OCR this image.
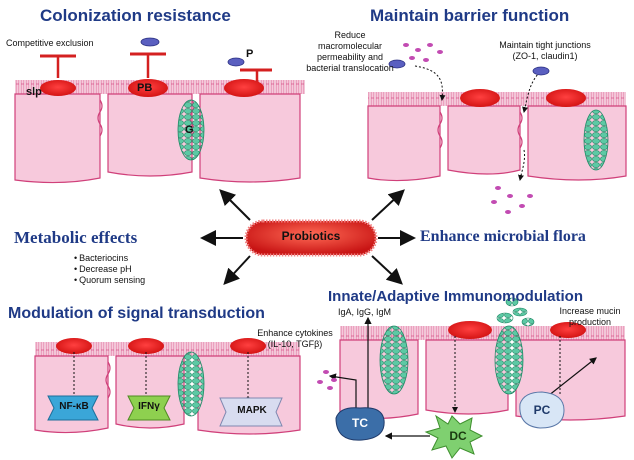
Colonization resistance
Competitive exclusion
slp	PB
P
G
Maintain barrier function
Reduce
macromolecular
permeability and
bacterial translocation
Maintain tight junctions
(ZO-1, claudin1)
Probiotics
Metabolic effects
• Bacteriocins
• Decrease pH
• Quorum sensing
Enhance microbial flora
Modulation of signal transduction
NF-κB	IFNγ	MAPK
Innate/Adaptive Immunomodulation
IgA, IgG, IgM
Enhance cytokines
(IL-10, TGFβ)
Increase mucin
production
TC
DC
PC
